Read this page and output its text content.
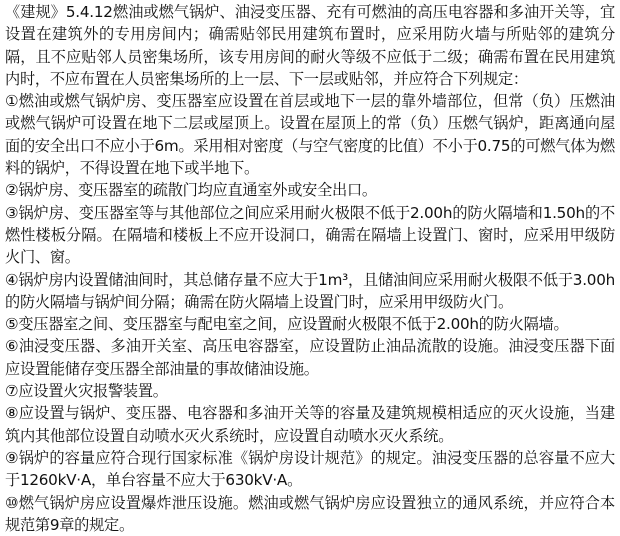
《建规》5.4.12燃油或燃气锅炉、油浸变压器、充有可燃油的高压电容器和多油开关等，宜设置在建筑外的专用房间内；确需贴邻民用建筑布置时，应采用防火墙与所贴邻的建筑分隔，且不应贴邻人员密集场所，该专用房间的耐火等级不应低于二级；确需布置在民用建筑内时，不应布置在人员密集场所的上一层、下一层或贴邻，并应符合下列规定：

①燃油或燃气锅炉房、变压器室应设置在首层或地下一层的靠外墙部位，但常（负）压燃油或燃气锅炉可设置在地下二层或屋顶上。设置在屋顶上的常（负）压燃气锅炉，距离通向屋面的安全出口不应小于6m。采用相对密度（与空气密度的比值）不小于0.75的可燃气体为燃料的锅炉，不得设置在地下或半地下。

②锅炉房、变压器室的疏散门均应直通室外或安全出口。

③锅炉房、变压器室等与其他部位之间应采用耐火极限不低于2.00h的防火隔墙和1.50h的不燃性楼板分隔。在隔墙和楼板上不应开设洞口，确需在隔墙上设置门、窗时，应采用甲级防火门、窗。

④锅炉房内设置储油间时，其总储存量不应大于1m³，且储油间应采用耐火极限不低于3.00h的防火隔墙与锅炉间分隔；确需在防火隔墙上设置门时，应采用甲级防火门。

⑤变压器室之间、变压器室与配电室之间，应设置耐火极限不低于2.00h的防火隔墙。

⑥油浸变压器、多油开关室、高压电容器室，应设置防止油品流散的设施。油浸变压器下面应设置能储存变压器全部油量的事故储油设施。

⑦应设置火灾报警装置。

⑧应设置与锅炉、变压器、电容器和多油开关等的容量及建筑规模相适应的灭火设施，当建筑内其他部位设置自动喷水灭火系统时，应设置自动喷水灭火系统。

⑨锅炉的容量应符合现行国家标准《锅炉房设计规范》的规定。油浸变压器的总容量不应大于1260kV·A，单台容量不应大于630kV·A。

⑩燃气锅炉房应设置爆炸泄压设施。燃油或燃气锅炉房应设置独立的通风系统，并应符合本规范第9章的规定。
